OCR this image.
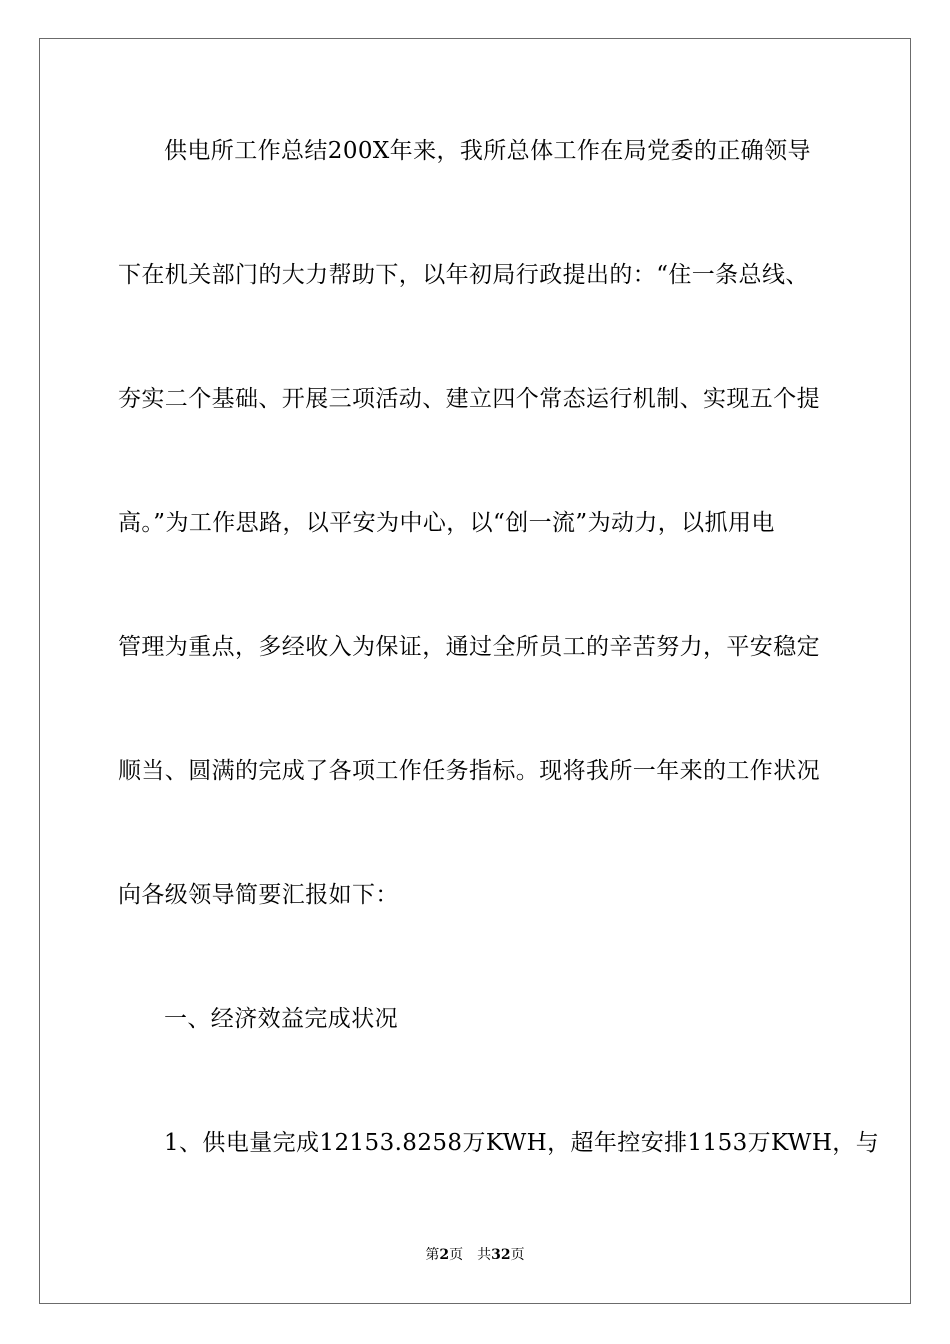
供电所工作总结200X年来，我所总体工作在局党委的正确领导
下在机关部门的大力帮助下，以年初局行政提出的：“住一条总线、
夯实二个基础、开展三项活动、建立四个常态运行机制、实现五个提
高。”为工作思路，以平安为中心，以“创一流”为动力，以抓用电
管理为重点，多经收入为保证，通过全所员工的辛苦努力，平安稳定
顺当、圆满的完成了各项工作任务指标。现将我所一年来的工作状况
向各级领导简要汇报如下：
一、经济效益完成状况
1、供电量完成12153.8258万KWH，超年控安排1153万KWH，与
第2页 共32页
